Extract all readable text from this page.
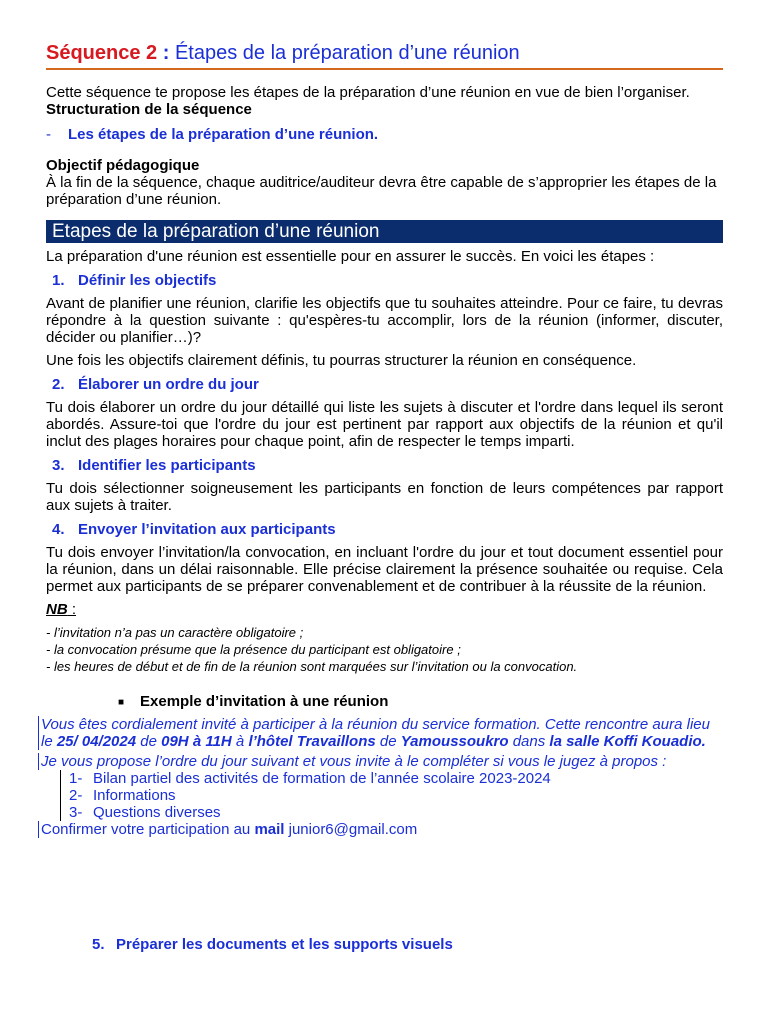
Séquence 2 : Étapes de la préparation d’une réunion

Cette séquence te propose les étapes de la préparation d’une réunion en vue de bien l’organiser.

Structuration de la séquence

- Les étapes de la préparation d’une réunion.

Objectif pédagogique

À la fin de la séquence, chaque auditrice/auditeur devra être capable de s’approprier les étapes de la préparation d’une réunion.

Etapes de la préparation d’une réunion

La préparation d'une réunion est essentielle pour en assurer le succès. En voici les étapes :

1. Définir les objectifs

Avant de planifier une réunion, clarifie les objectifs que tu souhaites atteindre. Pour ce faire, tu devras répondre à la question suivante : qu'espères-tu accomplir, lors de la réunion (informer, discuter, décider ou planifier…)?

Une fois les objectifs clairement définis, tu pourras structurer la réunion en conséquence.

2. Élaborer un ordre du jour

Tu dois élaborer un ordre du jour détaillé qui liste les sujets à discuter et l'ordre dans lequel ils seront abordés. Assure-toi que l'ordre du jour est pertinent par rapport aux objectifs de la réunion et qu'il inclut des plages horaires pour chaque point, afin de respecter le temps imparti.

3. Identifier les participants

Tu dois sélectionner soigneusement les participants en fonction de leurs compétences par rapport aux sujets à traiter.

4. Envoyer l’invitation aux participants

Tu dois envoyer l’invitation/la convocation, en incluant l'ordre du jour et tout document essentiel pour la réunion, dans un délai raisonnable. Elle précise clairement la présence souhaitée ou requise. Cela permet aux participants de se préparer convenablement et de contribuer à la réussite de la réunion.

NB :

- l’invitation n’a pas un caractère obligatoire ;
- la convocation présume que la présence du participant est obligatoire ;
- les heures de début et de fin de la réunion sont marquées sur l’invitation ou la convocation.
■ Exemple d’invitation à une réunion
Vous êtes cordialement invité à participer à la réunion du service formation. Cette rencontre aura lieu le 25/ 04/2024 de 09H à 11H à l’hôtel Travaillons de Yamoussoukro dans la salle Koffi Kouadio.
Je vous propose l’ordre du jour suivant et vous invite à le compléter si vous le jugez à propos :
1- Bilan partiel des activités de formation de l’année scolaire 2023-2024
2- Informations
3- Questions diverses
Confirmer votre participation au mail junior6@gmail.com
5. Préparer les documents et les supports visuels
